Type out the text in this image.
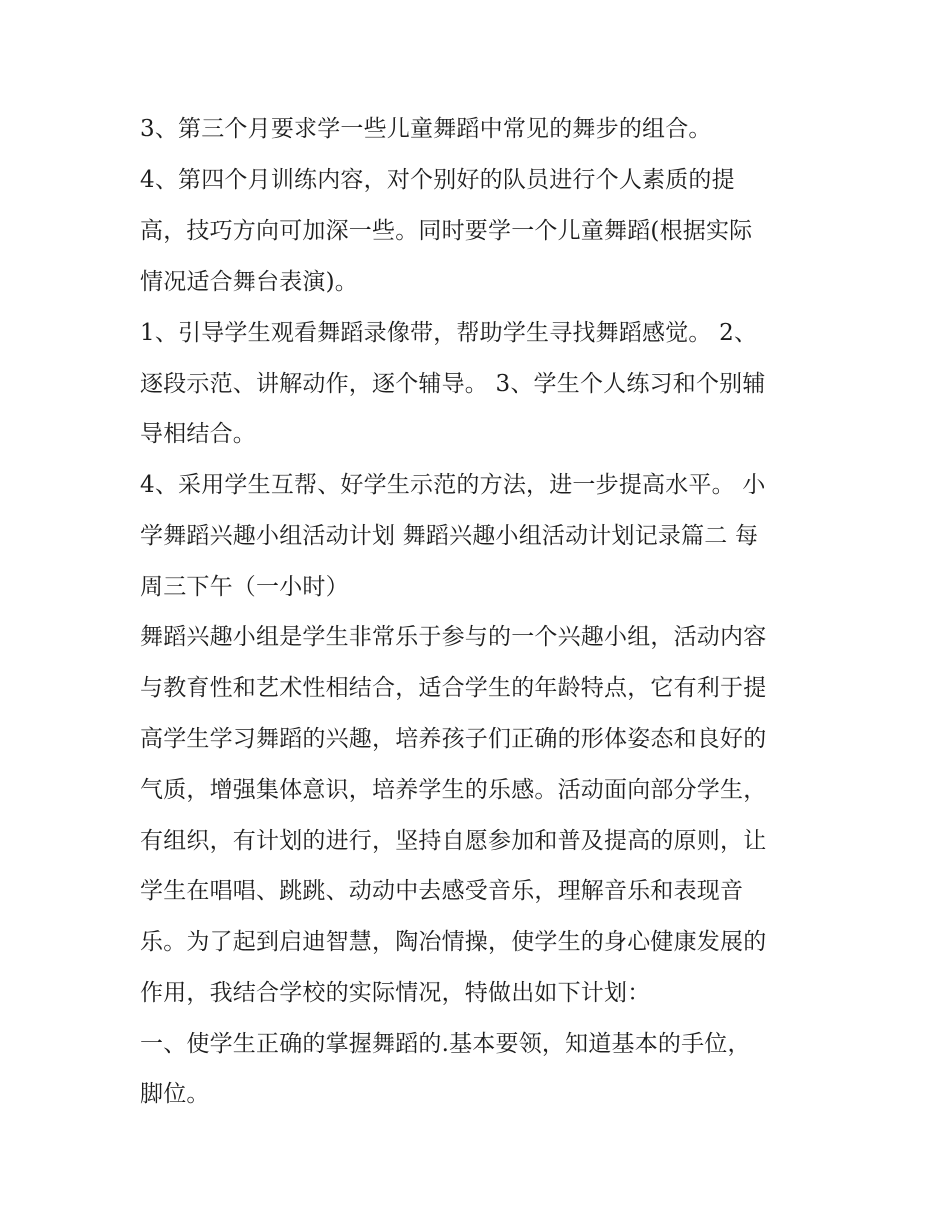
3、第三个月要求学一些儿童舞蹈中常见的舞步的组合。

4、第四个月训练内容，对个别好的队员进行个人素质的提

高，技巧方向可加深一些。同时要学一个儿童舞蹈(根据实际

情况适合舞台表演)。

1、引导学生观看舞蹈录像带，帮助学生寻找舞蹈感觉。 2、

逐段示范、讲解动作，逐个辅导。 3、学生个人练习和个别辅

导相结合。

4、采用学生互帮、好学生示范的方法，进一步提高水平。 小

学舞蹈兴趣小组活动计划 舞蹈兴趣小组活动计划记录篇二 每

周三下午（一小时）

舞蹈兴趣小组是学生非常乐于参与的一个兴趣小组，活动内容

与教育性和艺术性相结合，适合学生的年龄特点，它有利于提

高学生学习舞蹈的兴趣，培养孩子们正确的形体姿态和良好的

气质，增强集体意识，培养学生的乐感。活动面向部分学生，

有组织，有计划的进行，坚持自愿参加和普及提高的原则，让

学生在唱唱、跳跳、动动中去感受音乐，理解音乐和表现音

乐。为了起到启迪智慧，陶冶情操，使学生的身心健康发展的

作用，我结合学校的实际情况，特做出如下计划：

一、使学生正确的掌握舞蹈的.基本要领，知道基本的手位，

脚位。
